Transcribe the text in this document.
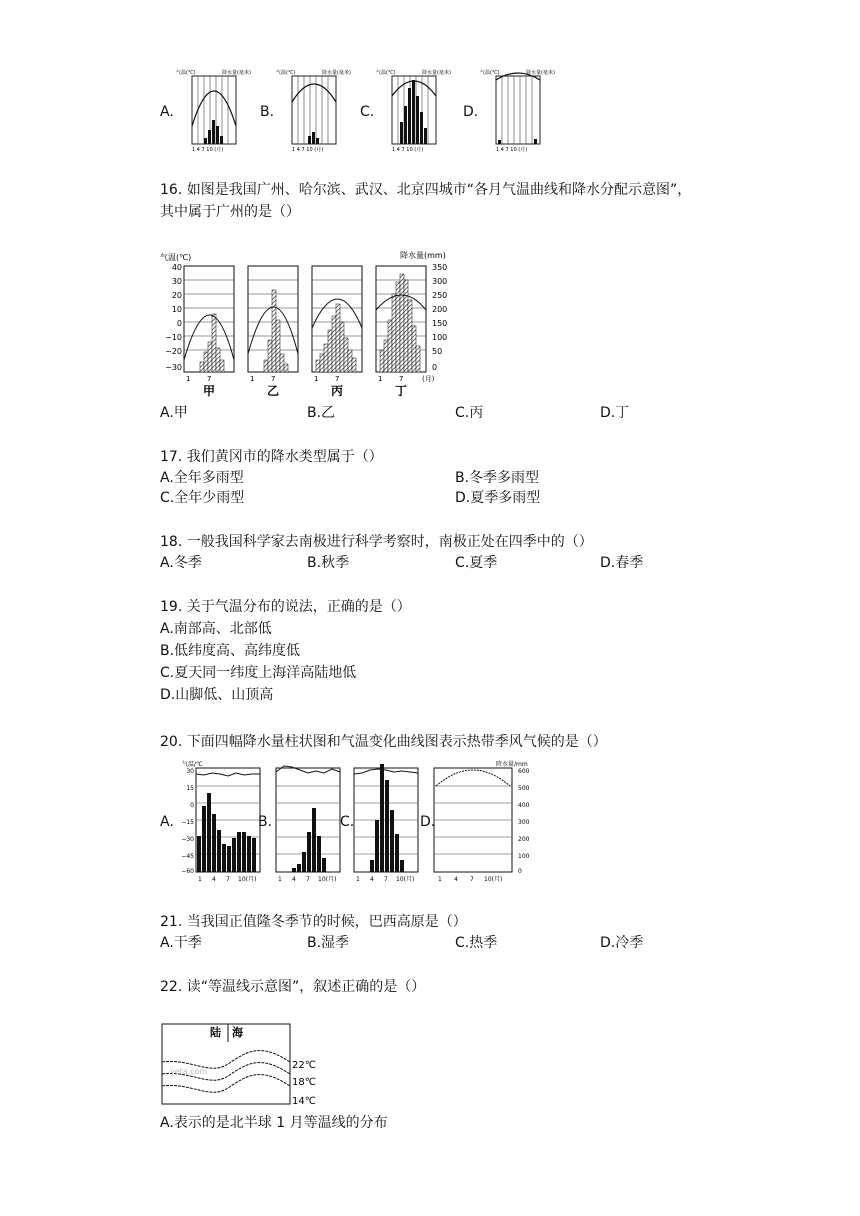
A.	B.	C.	D.
气温(℃)	降水量(毫米)
1 4 7 10 (月)
气温(℃)	降水量(毫米)
1 4 7 10 (月)
气温(℃)	降水量(毫米)
1 4 7 10 (月)
气温(℃)	降水量(毫米)
1 4 7 10 (月)
16. 如图是我国广州、哈尔滨、武汉、北京四城市“各月气温曲线和降水分配示意图”，
其中属于广州的是（）
气温(℃)	降水量(mm)
40
30
20
10
0
−10
−20
−30
350
300
250
200
150
100
50
0
1 7	1 7	1 7	1 7	(月)
甲	乙	丙	丁
A.甲	B.乙	C.丙	D.丁
17. 我们黄冈市的降水类型属于（）
A.全年多雨型	B.冬季多雨型
C.全年少雨型	D.夏季多雨型
18. 一般我国科学家去南极进行科学考察时，南极正处在四季中的（）
A.冬季	B.秋季	C.夏季	D.春季
19. 关于气温分布的说法，正确的是（）
A.南部高、北部低
B.低纬度高、高纬度低
C.夏天同一纬度上海洋高陆地低
D.山脚低、山顶高
20. 下面四幅降水量柱状图和气温变化曲线图表示热带季风气候的是（）
A.	B.	C.	D.
气温/℃	降水量/mm
30
15
0
−15
−30
−45
−60
600
500
400
300
200
100
0
1 4 7 10(月)	1 4 7 10(月)	1 4 7 10(月)	1 4 7 10(月)
21. 当我国正值隆冬季节的时候，巴西高原是（）
A.干季	B.湿季	C.热季	D.冷季
22. 读“等温线示意图”，叙述正确的是（）
陆 海
yeta.com
22℃
18℃
14℃
A.表示的是北半球 1 月等温线的分布
